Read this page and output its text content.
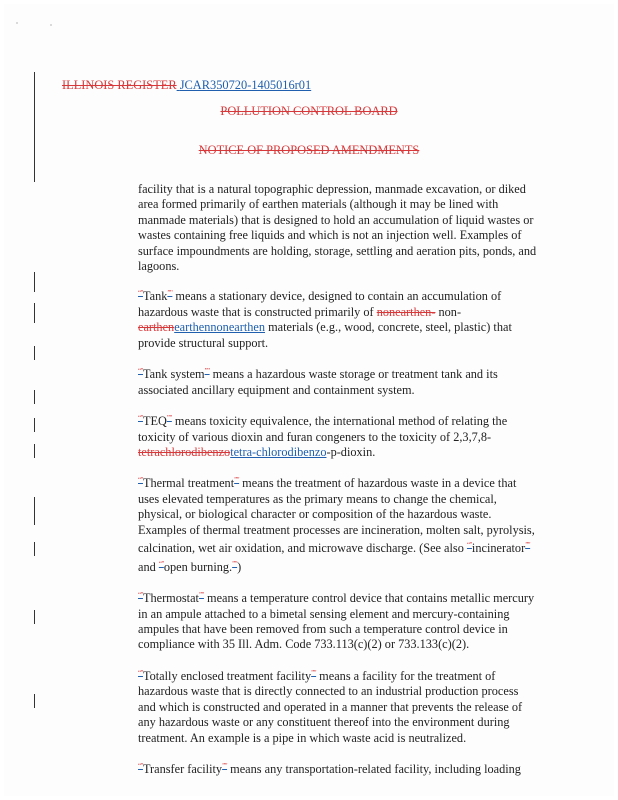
ILLINOIS REGISTER JCAR350720-1405016r01
POLLUTION CONTROL BOARD
NOTICE OF PROPOSED AMENDMENTS

facility that is a natural topographic depression, manmade excavation, or diked area formed primarily of earthen materials (although it may be lined with manmade materials) that is designed to hold an accumulation of liquid wastes or wastes containing free liquids and which is not an injection well. Examples of surface impoundments are holding, storage, settling and aeration pits, ponds, and lagoons.

“"Tank”" means a stationary device, designed to contain an accumulation of hazardous waste that is constructed primarily of nonearthen- non-earthenearthennonearthen materials (e.g., wood, concrete, steel, plastic) that provide structural support.

“"Tank system”" means a hazardous waste storage or treatment tank and its associated ancillary equipment and containment system.

“"TEQ”" means toxicity equivalence, the international method of relating the toxicity of various dioxin and furan congeners to the toxicity of 2,3,7,8-tetrachlorodibenzotetra-chlorodibenzo-p-dioxin.

“"Thermal treatment”" means the treatment of hazardous waste in a device that uses elevated temperatures as the primary means to change the chemical, physical, or biological character or composition of the hazardous waste. Examples of thermal treatment processes are incineration, molten salt, pyrolysis, calcination, wet air oxidation, and microwave discharge. (See also “"incinerator”" and “"open burning.”")

“"Thermostat”" means a temperature control device that contains metallic mercury in an ampule attached to a bimetal sensing element and mercury-containing ampules that have been removed from such a temperature control device in compliance with 35 Ill. Adm. Code 733.113(c)(2) or 733.133(c)(2).

“"Totally enclosed treatment facility”" means a facility for the treatment of hazardous waste that is directly connected to an industrial production process and which is constructed and operated in a manner that prevents the release of any hazardous waste or any constituent thereof into the environment during treatment. An example is a pipe in which waste acid is neutralized.

“"Transfer facility”" means any transportation-related facility, including loading
